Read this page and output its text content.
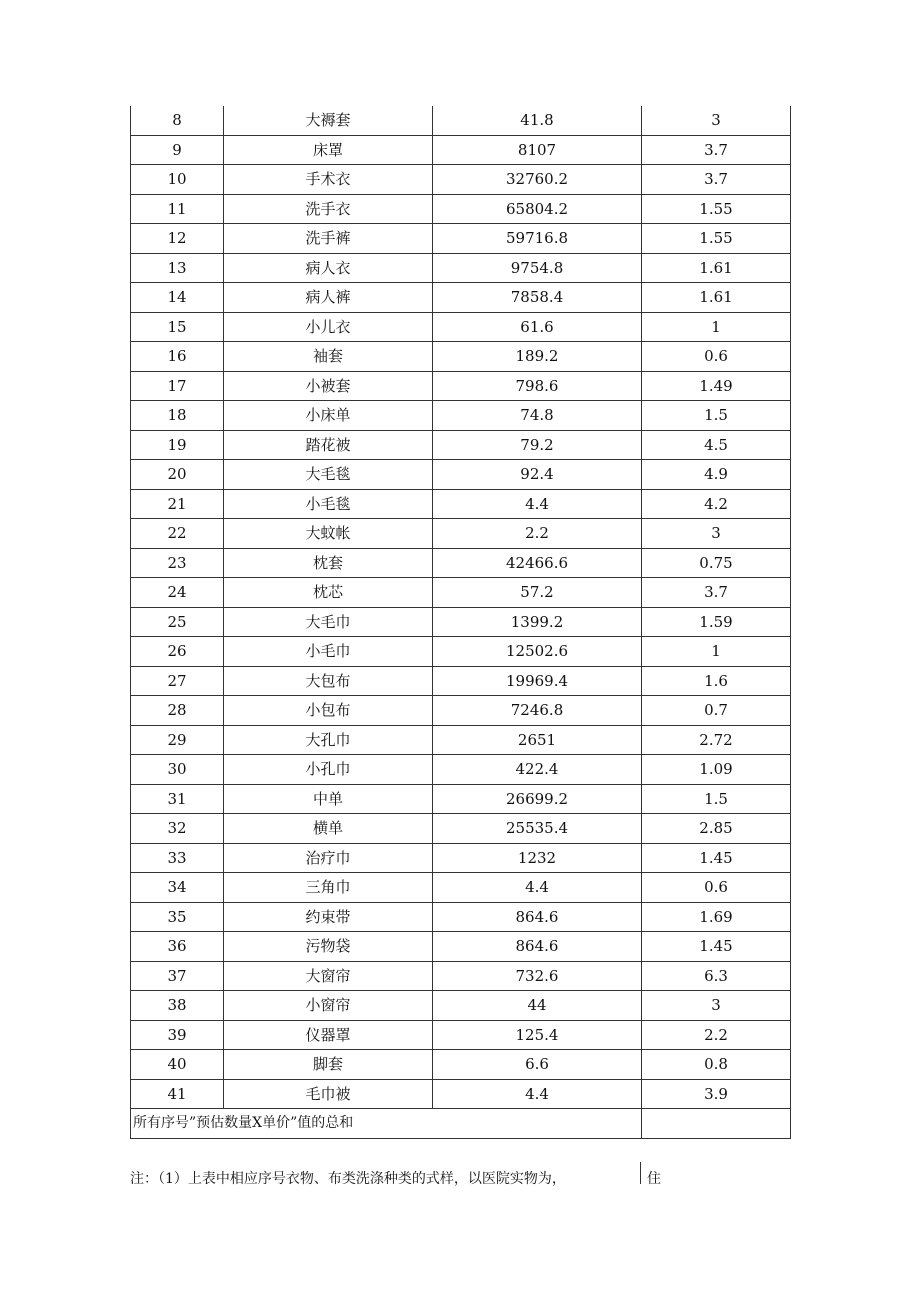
8	大褥套	41.8	3
9	床罩	8107	3.7
10	手术衣	32760.2	3.7
11	洗手衣	65804.2	1.55
12	洗手裤	59716.8	1.55
13	病人衣	9754.8	1.61
14	病人裤	7858.4	1.61
15	小儿衣	61.6	1
16	袖套	189.2	0.6
17	小被套	798.6	1.49
18	小床单	74.8	1.5
19	踏花被	79.2	4.5
20	大毛毯	92.4	4.9
21	小毛毯	4.4	4.2
22	大蚊帐	2.2	3
23	枕套	42466.6	0.75
24	枕芯	57.2	3.7
25	大毛巾	1399.2	1.59
26	小毛巾	12502.6	1
27	大包布	19969.4	1.6
28	小包布	7246.8	0.7
29	大孔巾	2651	2.72
30	小孔巾	422.4	1.09
31	中单	26699.2	1.5
32	横单	25535.4	2.85
33	治疗巾	1232	1.45
34	三角巾	4.4	0.6
35	约束带	864.6	1.69
36	污物袋	864.6	1.45
37	大窗帘	732.6	6.3
38	小窗帘	44	3
39	仪器罩	125.4	2.2
40	脚套	6.6	0.8
41	毛巾被	4.4	3.9
所有序号”预估数量X单价”值的总和			
注：（1）上表中相应序号衣物、布类洗涤种类的式样，以医院实物为，	住
